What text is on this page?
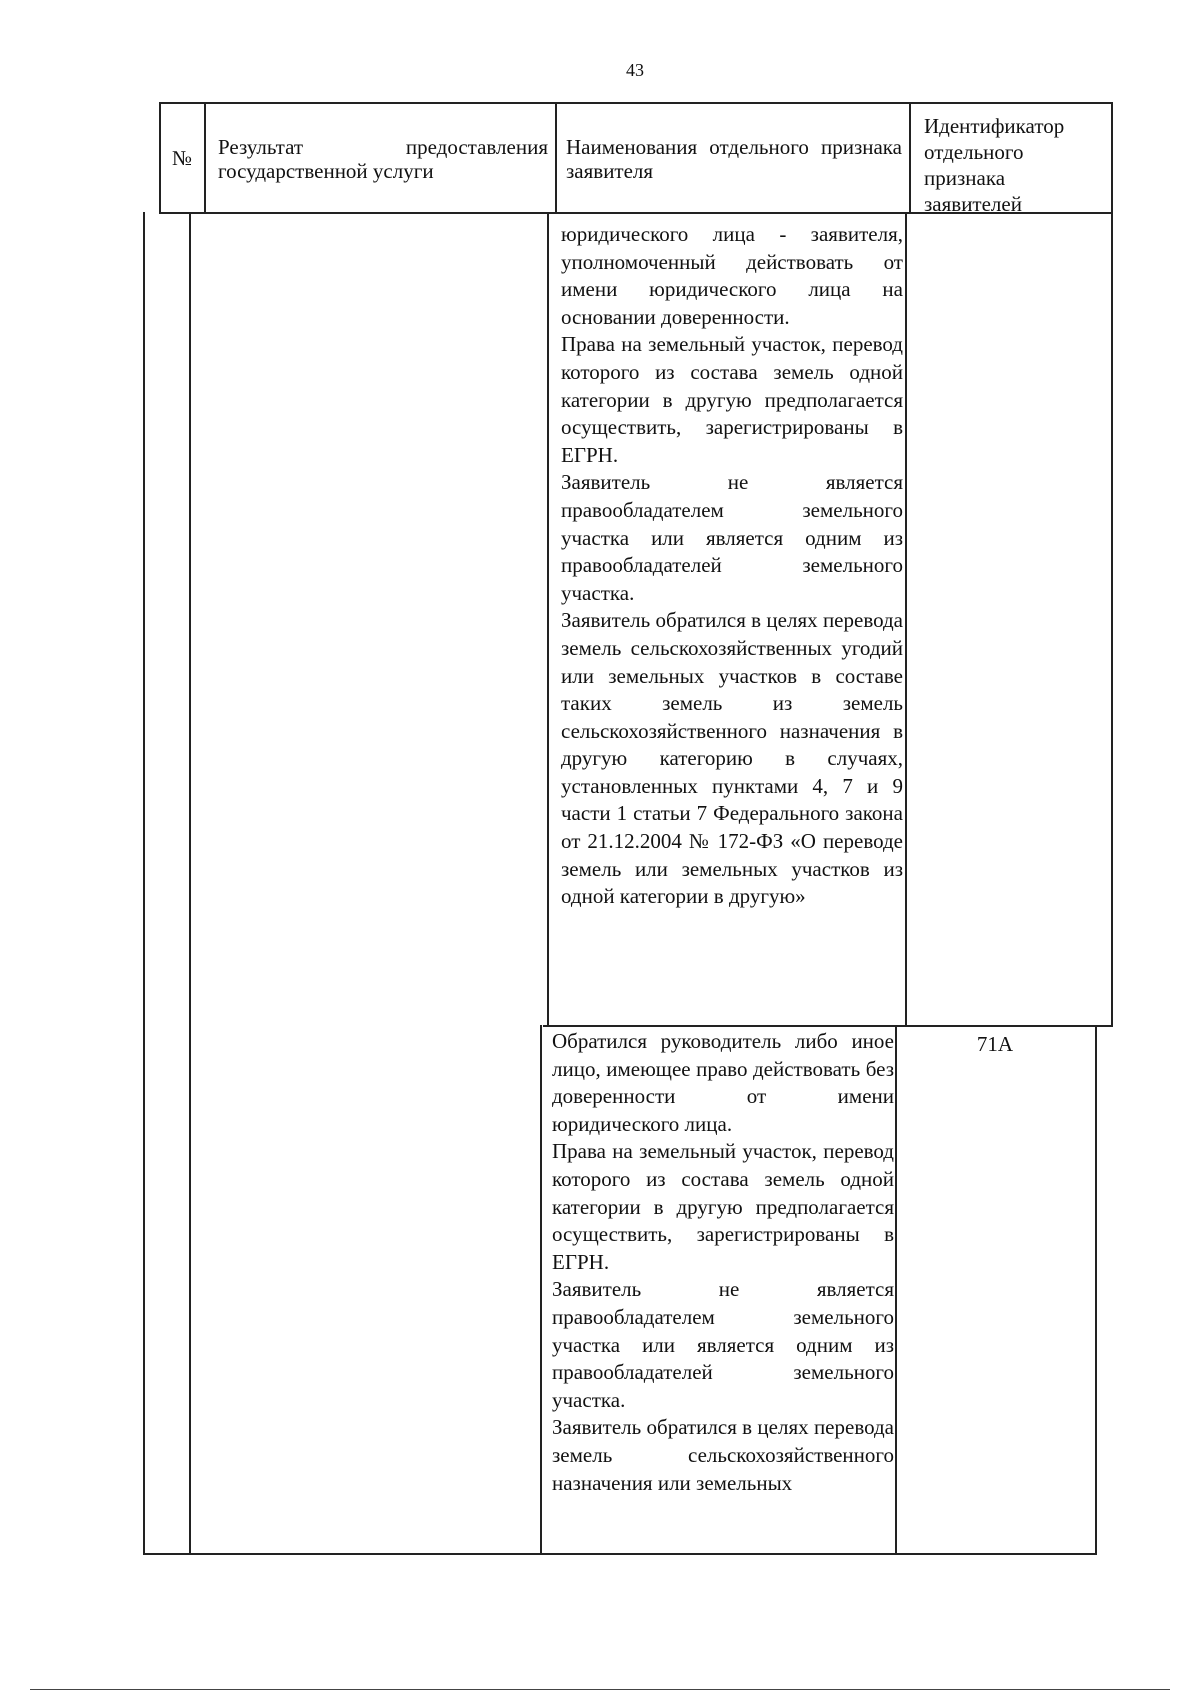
43
№ Результат предоставления государственной услуги

Наименования отдельного признака заявителя

Идентификатор отдельного признака заявителей

юридического лица - заявителя, уполномоченный действовать от имени юридического лица на основании доверенности.
Права на земельный участок, перевод которого из состава земель одной категории в другую предполагается осуществить, зарегистрированы в ЕГРН.
Заявитель не является правообладателем земельного участка или является одним из правообладателей земельного участка.
Заявитель обратился в целях перевода земель сельскохозяйственных угодий или земельных участков в составе таких земель из земель сельскохозяйственного назначения в другую категорию в случаях, установленных пунктами 4, 7 и 9 части 1 статьи 7 Федерального закона от 21.12.2004 № 172-ФЗ «О переводе земель или земельных участков из одной категории в другую»
Обратился руководитель либо иное лицо, имеющее право действовать без доверенности от имени юридического лица.
Права на земельный участок, перевод которого из состава земель одной категории в другую предполагается осуществить, зарегистрированы в ЕГРН.
Заявитель не является правообладателем земельного участка или является одним из правообладателей земельного участка.
Заявитель обратился в целях перевода земель сельскохозяйственного назначения или земельных
71А
